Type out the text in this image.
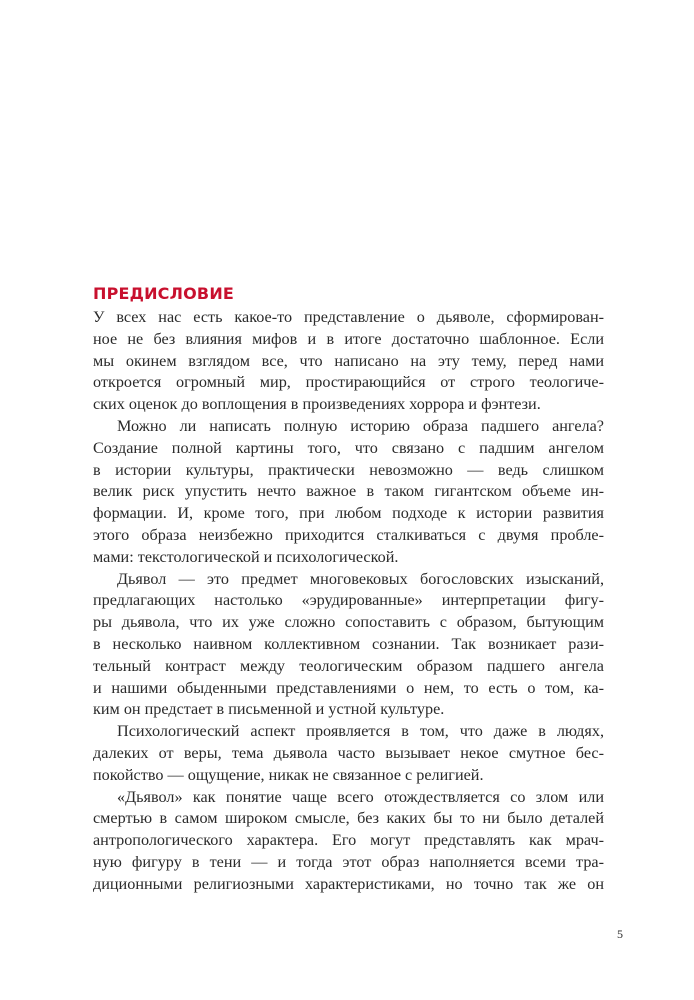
ПРЕДИСЛОВИЕ
У всех нас есть какое-то представление о дьяволе, сформирован-
ное не без влияния мифов и в итоге достаточно шаблонное. Если
мы окинем взглядом все, что написано на эту тему, перед нами
откроется огромный мир, простирающийся от строго теологиче-
ских оценок до воплощения в произведениях хоррора и фэнтези.
Можно ли написать полную историю образа падшего ангела?
Создание полной картины того, что связано с падшим ангелом
в истории культуры, практически невозможно — ведь слишком
велик риск упустить нечто важное в таком гигантском объеме ин-
формации. И, кроме того, при любом подходе к истории развития
этого образа неизбежно приходится сталкиваться с двумя пробле-
мами: текстологической и психологической.
Дьявол — это предмет многовековых богословских изысканий,
предлагающих настолько «эрудированные» интерпретации фигу-
ры дьявола, что их уже сложно сопоставить с образом, бытующим
в несколько наивном коллективном сознании. Так возникает рази-
тельный контраст между теологическим образом падшего ангела
и нашими обыденными представлениями о нем, то есть о том, ка-
ким он предстает в письменной и устной культуре.
Психологический аспект проявляется в том, что даже в людях,
далеких от веры, тема дьявола часто вызывает некое смутное бес-
покойство — ощущение, никак не связанное с религией.
«Дьявол» как понятие чаще всего отождествляется со злом или
смертью в самом широком смысле, без каких бы то ни было деталей
антропологического характера. Его могут представлять как мрач-
ную фигуру в тени — и тогда этот образ наполняется всеми тра-
диционными религиозными характеристиками, но точно так же он
5
